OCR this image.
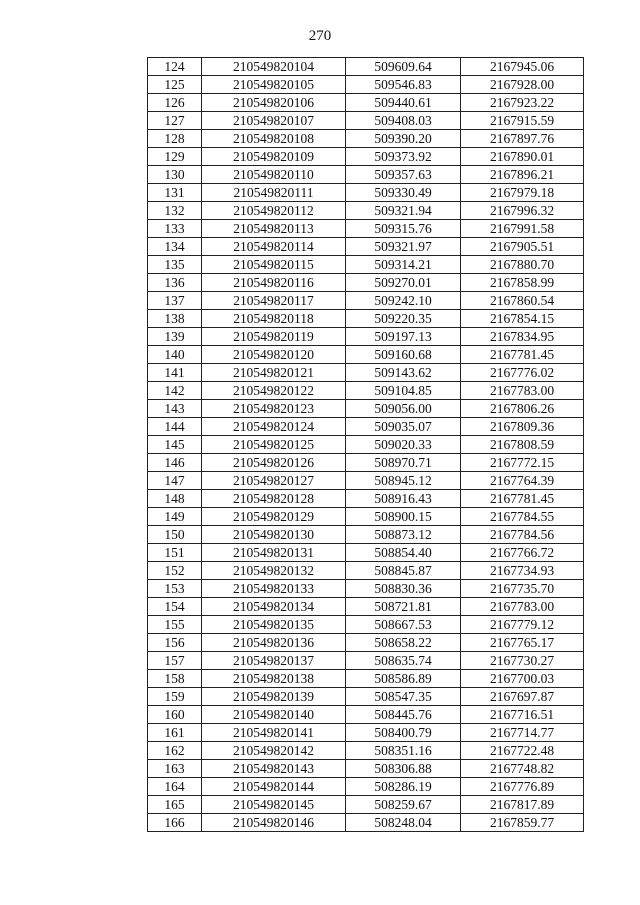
270
124	210549820104	509609.64	2167945.06
125	210549820105	509546.83	2167928.00
126	210549820106	509440.61	2167923.22
127	210549820107	509408.03	2167915.59
128	210549820108	509390.20	2167897.76
129	210549820109	509373.92	2167890.01
130	210549820110	509357.63	2167896.21
131	210549820111	509330.49	2167979.18
132	210549820112	509321.94	2167996.32
133	210549820113	509315.76	2167991.58
134	210549820114	509321.97	2167905.51
135	210549820115	509314.21	2167880.70
136	210549820116	509270.01	2167858.99
137	210549820117	509242.10	2167860.54
138	210549820118	509220.35	2167854.15
139	210549820119	509197.13	2167834.95
140	210549820120	509160.68	2167781.45
141	210549820121	509143.62	2167776.02
142	210549820122	509104.85	2167783.00
143	210549820123	509056.00	2167806.26
144	210549820124	509035.07	2167809.36
145	210549820125	509020.33	2167808.59
146	210549820126	508970.71	2167772.15
147	210549820127	508945.12	2167764.39
148	210549820128	508916.43	2167781.45
149	210549820129	508900.15	2167784.55
150	210549820130	508873.12	2167784.56
151	210549820131	508854.40	2167766.72
152	210549820132	508845.87	2167734.93
153	210549820133	508830.36	2167735.70
154	210549820134	508721.81	2167783.00
155	210549820135	508667.53	2167779.12
156	210549820136	508658.22	2167765.17
157	210549820137	508635.74	2167730.27
158	210549820138	508586.89	2167700.03
159	210549820139	508547.35	2167697.87
160	210549820140	508445.76	2167716.51
161	210549820141	508400.79	2167714.77
162	210549820142	508351.16	2167722.48
163	210549820143	508306.88	2167748.82
164	210549820144	508286.19	2167776.89
165	210549820145	508259.67	2167817.89
166	210549820146	508248.04	2167859.77
